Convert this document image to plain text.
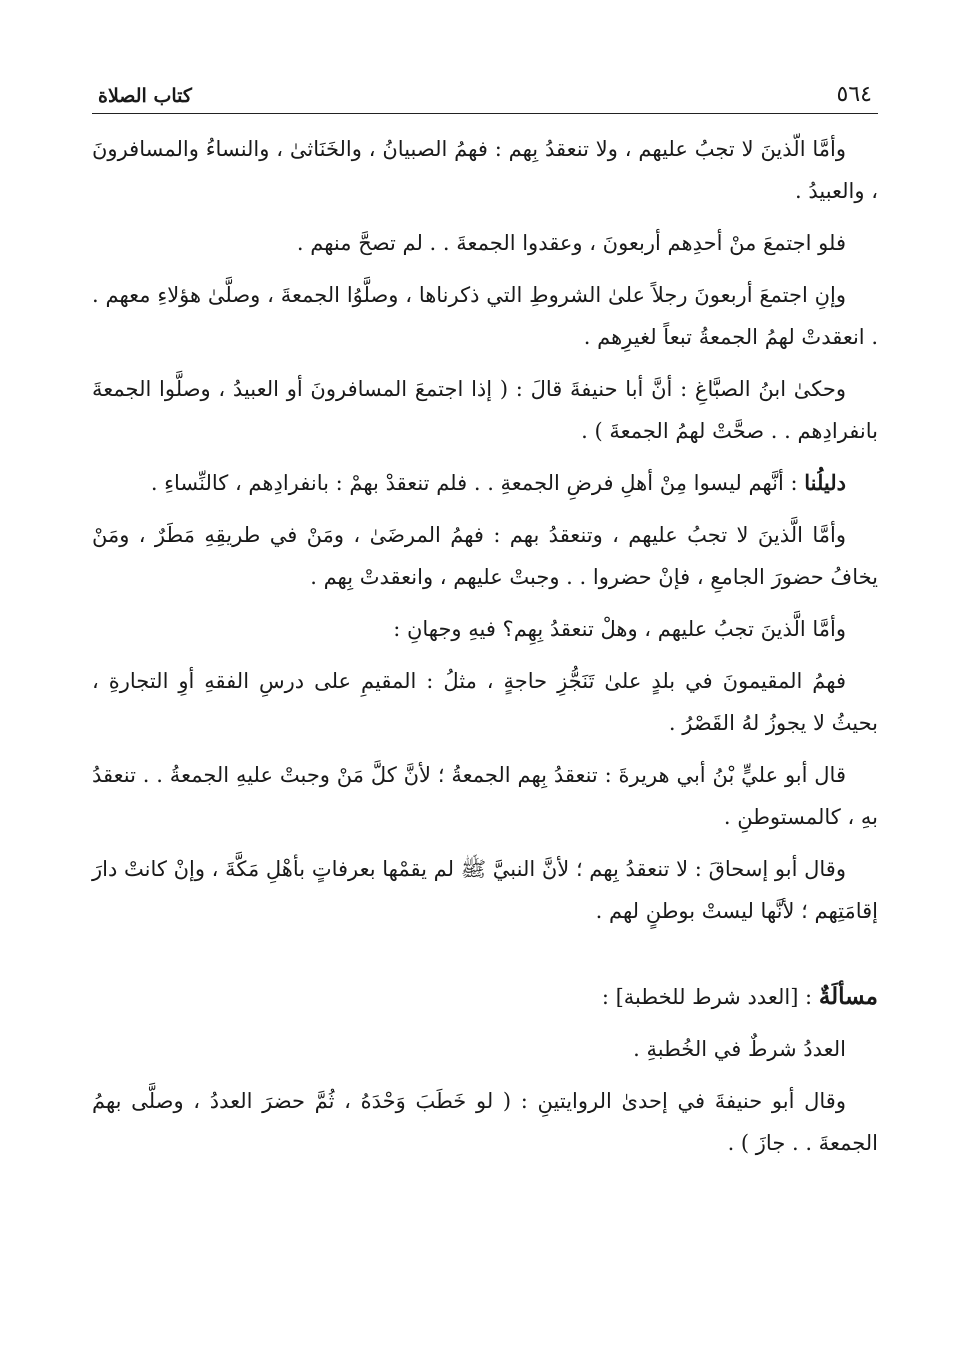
٥٦٤
كتاب الصلاة

وأمَّا الّذينَ لا تجبُ عليهم ، ولا تنعقدُ بِهم : فهمُ الصبيانُ ، والخَنَاثىٰ ، والنساءُ والمسافرونَ ، والعبيدُ .

فلو اجتمعَ منْ أحدِهم أربعونَ ، وعقدوا الجمعةَ . . لم تصحَّ منهم .

وإنِ اجتمعَ أربعونَ رجلاً علىٰ الشروطِ التي ذكرناها ، وصلَّوُا الجمعةَ ، وصلَّىٰ هؤلاءِ معهم . . انعقدتْ لهمُ الجمعةُ تبعاً لغيرِهم .

وحكىٰ ابنُ الصبَّاغِ : أنَّ أبا حنيفةَ قالَ : ( إذا اجتمعَ المسافرونَ أو العبيدُ ، وصلَّوا الجمعةَ بانفرادِهم . . صحَّتْ لهمُ الجمعةَ ) .

دليلُنا : أنَّهم ليسوا مِنْ أهلِ فرضِ الجمعةِ . . فلم تنعقدْ بهمْ : بانفرادِهم ، كالنِّساءِ .

وأمَّا الَّذينَ لا تجبُ عليهم ، وتنعقدُ بهم : فهمُ المرضَىٰ ، ومَنْ في طريقِهِ مَطَرٌ ، ومَنْ يخافُ حضورَ الجامعِ ، فإنْ حضروا . . وجبتْ عليهم ، وانعقدتْ بِهم .

وأمَّا الَّذينَ تجبُ عليهم ، وهلْ تنعقدُ بِهِم؟ فيهِ وجهانِ :

فهمُ المقيمونَ في بلدٍ علىٰ تَنَجُّزِ حاجةٍ ، مثلُ : المقيمِ على درسِ الفقهِ أوِ التجارةِ ، بحيثُ لا يجوزُ لهُ القَصْرُ .

قال أبو عليٍّ بْنُ أبي هريرةَ : تنعقدُ بِهم الجمعةُ ؛ لأنَّ كلَّ مَنْ وجبتْ عليهِ الجمعةُ . . تنعقدُ بهِ ، كالمستوطنِ .

وقال أبو إسحاقَ : لا تنعقدُ بِهم ؛ لأنَّ النبيَّ ﷺ لم يقمْها بعرفاتٍ بأهْلِ مَكَّةَ ، وإنْ كانتْ دارَ إقامَتِهم ؛ لأنَّها ليستْ بوطنٍ لهم .

مسألَةٌ : [العدد شرط للخطبة] :

العددُ شرطٌ في الخُطبةِ .

وقال أبو حنيفةَ في إحدىٰ الروايتينِ : ( لو خَطَبَ وَحْدَهُ ، ثُمَّ حضرَ العددُ ، وصلَّى بهمُ الجمعةَ . . جازَ ) .
